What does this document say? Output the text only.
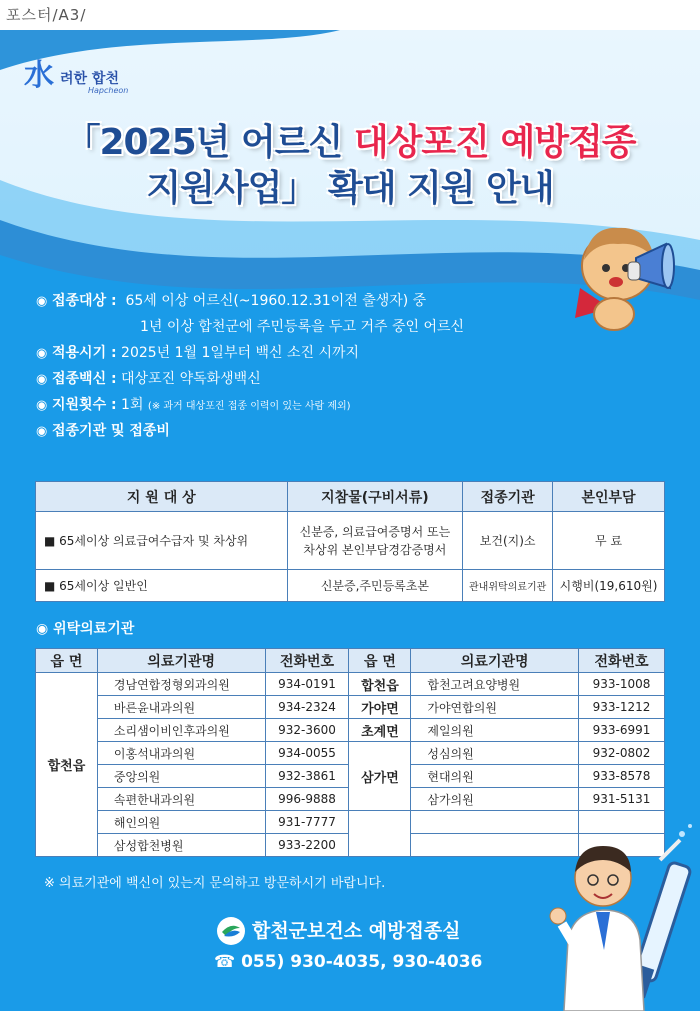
포스터/A3/
水 려한 합천
Hapcheon
「2025년 어르신 대상포진 예방접종
지원사업」 확대 지원 안내
◉ 접종대상 : 65세 이상 어르신(~1960.12.31이전 출생자) 중
1년 이상 합천군에 주민등록을 두고 거주 중인 어르신
◉ 적용시기 : 2025년 1월 1일부터 백신 소진 시까지
◉ 접종백신 : 대상포진 약독화생백신
◉ 지원횟수 : 1회 (※ 과거 대상포진 접종 이력이 있는 사람 제외)
◉ 접종기관 및 접종비
지 원 대 상	지참물(구비서류)	접종기관	본인부담
■ 65세이상 의료급여수급자 및 차상위	신분증, 의료급여증명서 또는
차상위 본인부담경감증명서	보건(지)소	무 료
■ 65세이상 일반인	신분증,주민등록초본	관내위탁의료기관	시행비(19,610원)
◉ 위탁의료기관
읍 면	의료기관명	전화번호	읍 면	의료기관명	전화번호
합천읍	경남연합정형외과의원	934-0191	합천읍	합천고려요양병원	933-1008
	바른윤내과의원	934-2324	가야면	가야연합의원	933-1212
	소리샘이비인후과의원	932-3600	초계면	제일의원	933-6991
	이홍석내과의원	934-0055	삼가면	성심의원	932-0802
	중앙의원	932-3861		현대의원	933-8578
	속편한내과의원	996-9888		삼가의원	931-5131
	해인의원	931-7777			
	삼성합천병원	933-2200			
※ 의료기관에 백신이 있는지 문의하고 방문하시기 바랍니다.
합천군보건소 예방접종실
☎ 055) 930-4035, 930-4036
